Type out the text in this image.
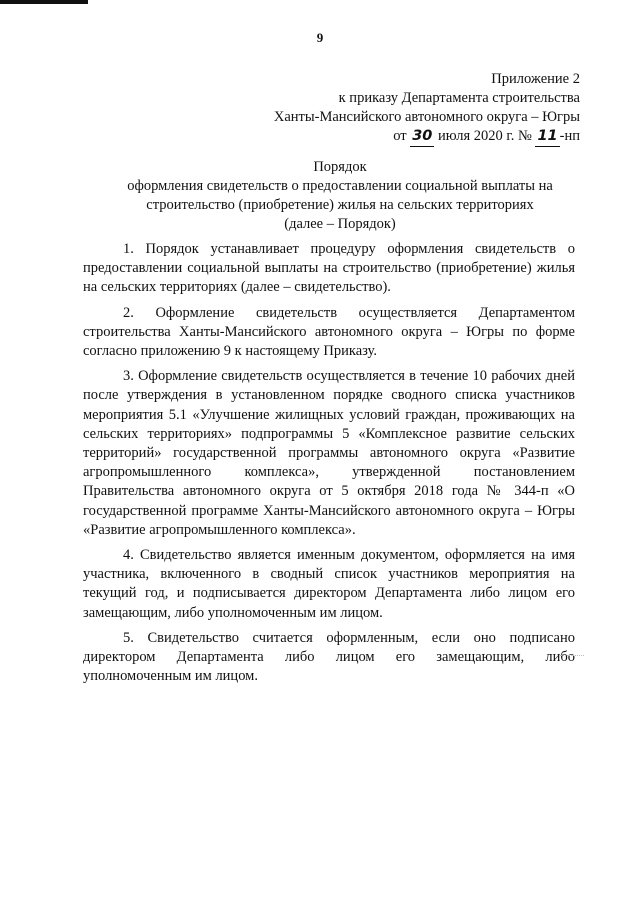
9
Приложение 2
к приказу Департамента строительства
Ханты-Мансийского автономного округа – Югры
от 30 июля 2020 г. № 11 -нп
Порядок
оформления свидетельств о предоставлении социальной выплаты на
строительство (приобретение) жилья на сельских территориях
(далее – Порядок)

1. Порядок устанавливает процедуру оформления свидетельств о предоставлении социальной выплаты на строительство (приобретение) жилья на сельских территориях (далее – свидетельство).

2. Оформление свидетельств осуществляется Департаментом строительства Ханты-Мансийского автономного округа – Югры по форме согласно приложению 9 к настоящему Приказу.

3. Оформление свидетельств осуществляется в течение 10 рабочих дней после утверждения в установленном порядке сводного списка участников мероприятия 5.1 «Улучшение жилищных условий граждан, проживающих на сельских территориях» подпрограммы 5 «Комплексное развитие сельских территорий» государственной программы автономного округа «Развитие агропромышленного комплекса», утвержденной постановлением Правительства автономного округа от 5 октября 2018 года № 344-п «О государственной программе Ханты-Мансийского автономного округа – Югры «Развитие агропромышленного комплекса».

4. Свидетельство является именным документом, оформляется на имя участника, включенного в сводный список участников мероприятия на текущий год, и подписывается директором Департамента либо лицом его замещающим, либо уполномоченным им лицом.

5. Свидетельство считается оформленным, если оно подписано директором Департамента либо лицом его замещающим, либо уполномоченным им лицом.
